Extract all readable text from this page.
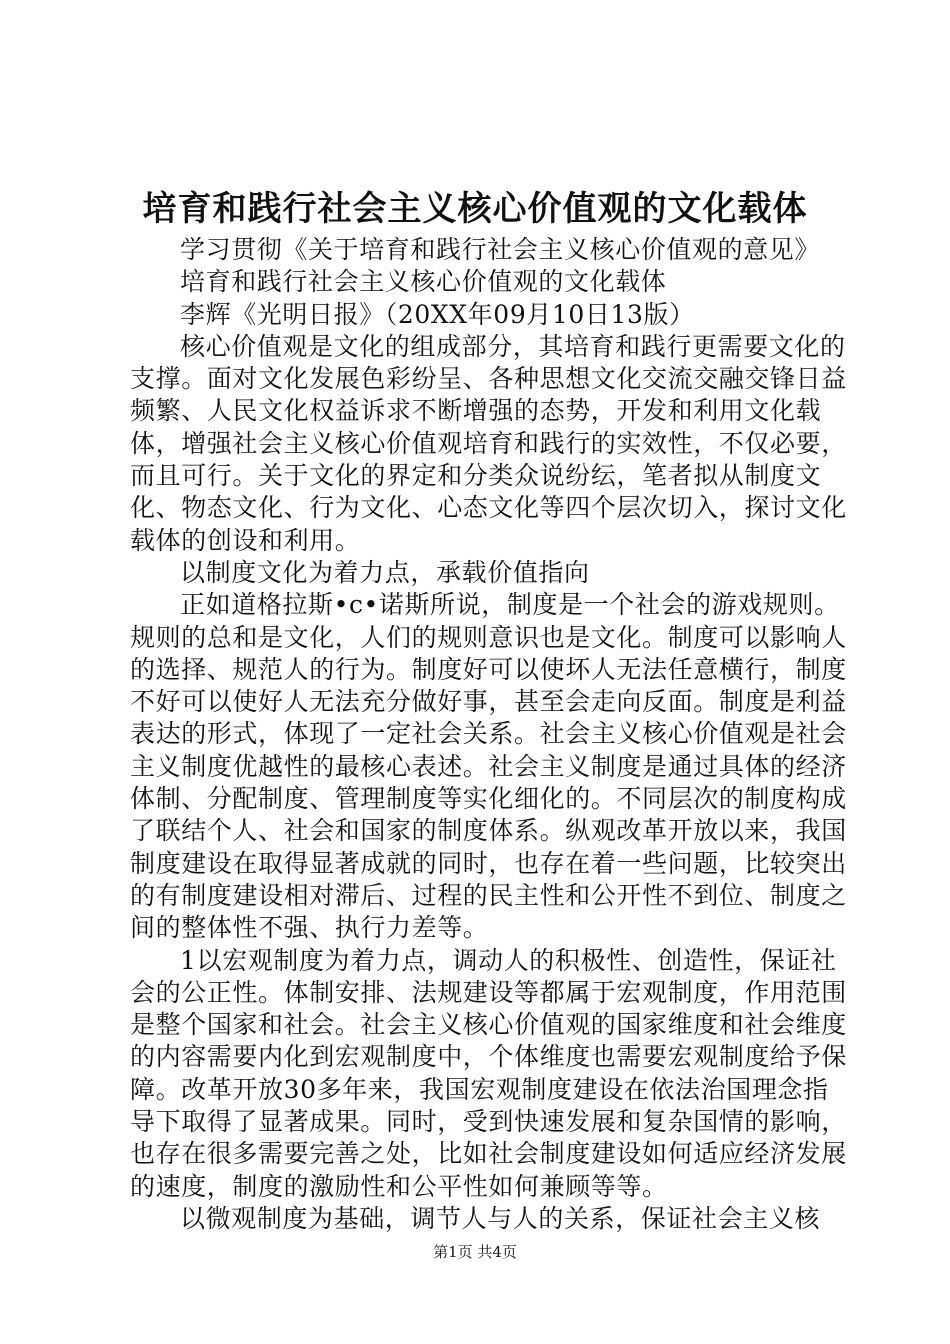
培育和践行社会主义核心价值观的文化载体

学习贯彻《关于培育和践行社会主义核心价值观的意见》

培育和践行社会主义核心价值观的文化载体

李辉《光明日报》（20XX年09月10日13版）

核心价值观是文化的组成部分，其培育和践行更需要文化的支撑。面对文化发展色彩纷呈、各种思想文化交流交融交锋日益频繁、人民文化权益诉求不断增强的态势，开发和利用文化载体，增强社会主义核心价值观培育和践行的实效性，不仅必要，而且可行。关于文化的界定和分类众说纷纭，笔者拟从制度文化、物态文化、行为文化、心态文化等四个层次切入，探讨文化载体的创设和利用。

以制度文化为着力点，承载价值指向

正如道格拉斯•c•诺斯所说，制度是一个社会的游戏规则。规则的总和是文化，人们的规则意识也是文化。制度可以影响人的选择、规范人的行为。制度好可以使坏人无法任意横行，制度不好可以使好人无法充分做好事，甚至会走向反面。制度是利益表达的形式，体现了一定社会关系。社会主义核心价值观是社会主义制度优越性的最核心表述。社会主义制度是通过具体的经济体制、分配制度、管理制度等实化细化的。不同层次的制度构成了联结个人、社会和国家的制度体系。纵观改革开放以来，我国制度建设在取得显著成就的同时，也存在着一些问题，比较突出的有制度建设相对滞后、过程的民主性和公开性不到位、制度之间的整体性不强、执行力差等。

1以宏观制度为着力点，调动人的积极性、创造性，保证社会的公正性。体制安排、法规建设等都属于宏观制度，作用范围是整个国家和社会。社会主义核心价值观的国家维度和社会维度的内容需要内化到宏观制度中，个体维度也需要宏观制度给予保障。改革开放30多年来，我国宏观制度建设在依法治国理念指导下取得了显著成果。同时，受到快速发展和复杂国情的影响，也存在很多需要完善之处，比如社会制度建设如何适应经济发展的速度，制度的激励性和公平性如何兼顾等等。

以微观制度为基础，调节人与人的关系，保证社会主义核

第1页 共4页
